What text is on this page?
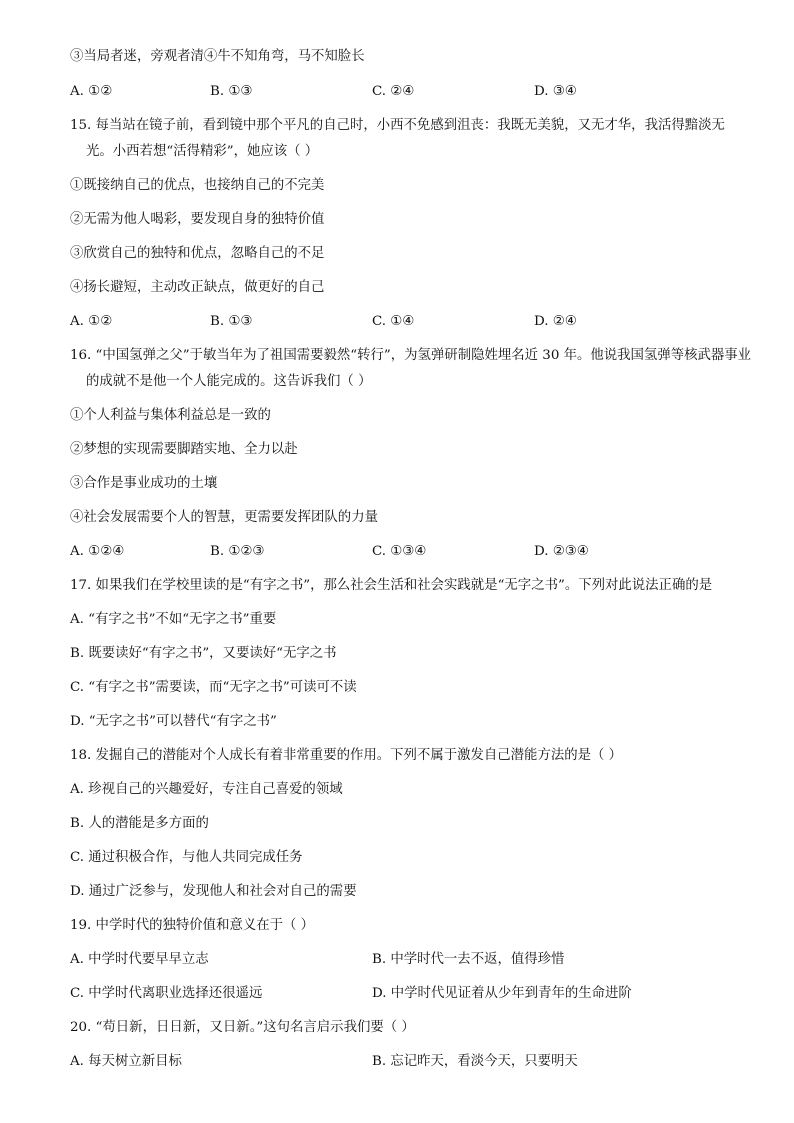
③当局者迷，旁观者清④牛不知角弯，马不知脸长
A. ①②	B. ①③	C. ②④	D. ③④
15. 每当站在镜子前，看到镜中那个平凡的自己时，小西不免感到沮丧：我既无美貌，又无才华，我活得黯淡无
光。小西若想“活得精彩”，她应该（ ）
①既接纳自己的优点，也接纳自己的不完美
②无需为他人喝彩，要发现自身的独特价值
③欣赏自己的独特和优点，忽略自己的不足
④扬长避短，主动改正缺点，做更好的自己
A. ①②	B. ①③	C. ①④	D. ②④
16. “中国氢弹之父”于敏当年为了祖国需要毅然“转行”，为氢弹研制隐姓埋名近 30 年。他说我国氢弹等核武器事业
的成就不是他一个人能完成的。这告诉我们（ ）
①个人利益与集体利益总是一致的
②梦想的实现需要脚踏实地、全力以赴
③合作是事业成功的土壤
④社会发展需要个人的智慧，更需要发挥团队的力量
A. ①②④	B. ①②③	C. ①③④	D. ②③④
17. 如果我们在学校里读的是“有字之书”，那么社会生活和社会实践就是“无字之书”。下列对此说法正确的是
A. “有字之书”不如“无字之书”重要
B. 既要读好“有字之书”，又要读好“无字之书
C. “有字之书”需要读，而“无字之书”可读可不读
D. “无字之书”可以替代“有字之书”
18. 发掘自己的潜能对个人成长有着非常重要的作用。下列不属于激发自己潜能方法的是（ ）
A. 珍视自己的兴趣爱好，专注自己喜爱的领域
B. 人的潜能是多方面的
C. 通过积极合作，与他人共同完成任务
D. 通过广泛参与，发现他人和社会对自己的需要
19. 中学时代的独特价值和意义在于（ ）
A. 中学时代要早早立志	B. 中学时代一去不返，值得珍惜
C. 中学时代离职业选择还很遥远	D. 中学时代见证着从少年到青年的生命进阶
20. “苟日新，日日新，又日新。”这句名言启示我们要（ ）
A. 每天树立新目标	B. 忘记昨天，看淡今天，只要明天
